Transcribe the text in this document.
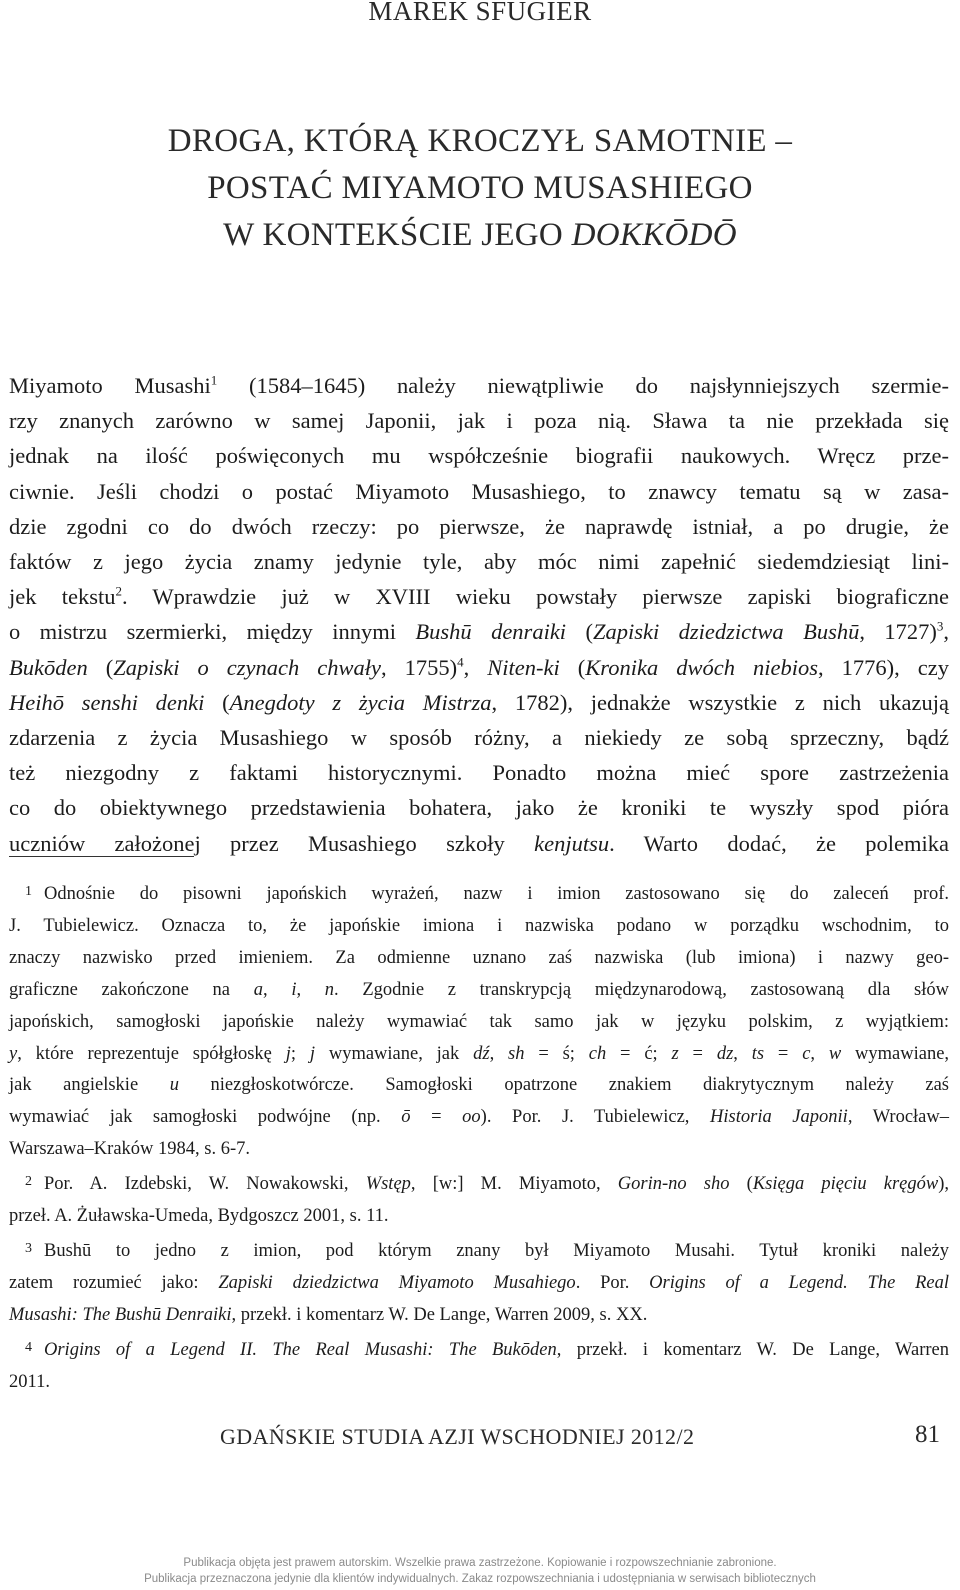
MAREK SFUGIER
DROGA, KTÓRĄ KROCZYŁ SAMOTNIE –
POSTAĆ MIYAMOTO MUSASHIEGO
W KONTEKŚCIE JEGO DOKKŌDŌ
Miyamoto Musashi$^1$ (1584–1645) należy niewątpliwie do najsłynniejszych szermie-
rzy znanych zarówno w samej Japonii, jak i poza nią. Sława ta nie przekłada się
jednak na ilość poświęconych mu współcześnie biografii naukowych. Wręcz prze-
ciwnie. Jeśli chodzi o postać Miyamoto Musashiego, to znawcy tematu są w zasa-
dzie zgodni co do dwóch rzeczy: po pierwsze, że naprawdę istniał, a po drugie, że
faktów z jego życia znamy jedynie tyle, aby móc nimi zapełnić siedemdziesiąt lini-
jek tekstu$^2$. Wprawdzie już w XVIII wieku powstały pierwsze zapiski biograficzne
o mistrzu szermierki, między innymi Bushū denraiki (Zapiski dziedzictwa Bushū, 1727)$^3$,
Bukōden (Zapiski o czynach chwały, 1755)$^4$, Niten-ki (Kronika dwóch niebios, 1776), czy
Heihō senshi denki (Anegdoty z życia Mistrza, 1782), jednakże wszystkie z nich ukazują
zdarzenia z życia Musashiego w sposób różny, a niekiedy ze sobą sprzeczny, bądź
też niezgodny z faktami historycznymi. Ponadto można mieć spore zastrzeżenia
co do obiektywnego przedstawienia bohatera, jako że kroniki te wyszły spod pióra
uczniów założonej przez Musashiego szkoły kenjutsu. Warto dodać, że polemika
1 Odnośnie do pisowni japońskich wyrażeń, nazw i imion zastosowano się do zaleceń prof.
J. Tubielewicz. Oznacza to, że japońskie imiona i nazwiska podano w porządku wschodnim, to
znaczy nazwisko przed imieniem. Za odmienne uznano zaś nazwiska (lub imiona) i nazwy geo-
graficzne zakończone na a, i, n. Zgodnie z transkrypcją międzynarodową, zastosowaną dla słów
japońskich, samogłoski japońskie należy wymawiać tak samo jak w języku polskim, z wyjątkiem:
y, które reprezentuje spółgłoskę j; j wymawiane, jak dź, sh = ś; ch = ć; z = dz, ts = c, w wymawiane,
jak angielskie u niezgłoskotwórcze. Samogłoski opatrzone znakiem diakrytycznym należy zaś
wymawiać jak samogłoski podwójne (np. ō = oo). Por. J. Tubielewicz, Historia Japonii, Wrocław–
Warszawa–Kraków 1984, s. 6-7.
2 Por. A. Izdebski, W. Nowakowski, Wstęp, [w:] M. Miyamoto, Gorin-no sho (Księga pięciu kręgów),
przeł. A. Żuławska-Umeda, Bydgoszcz 2001, s. 11.
3 Bushū to jedno z imion, pod którym znany był Miyamoto Musahi. Tytuł kroniki należy
zatem rozumieć jako: Zapiski dziedzictwa Miyamoto Musahiego. Por. Origins of a Legend. The Real
Musashi: The Bushū Denraiki, przekł. i komentarz W. De Lange, Warren 2009, s. XX.
4 Origins of a Legend II. The Real Musashi: The Bukōden, przekł. i komentarz W. De Lange, Warren
2011.
GDAŃSKIE STUDIA AZJI WSCHODNIEJ 2012/2	81
Publikacja objęta jest prawem autorskim. Wszelkie prawa zastrzeżone. Kopiowanie i rozpowszechnianie zabronione.
Publikacja przeznaczona jedynie dla klientów indywidualnych. Zakaz rozpowszechniania i udostępniania w serwisach bibliotecznych
